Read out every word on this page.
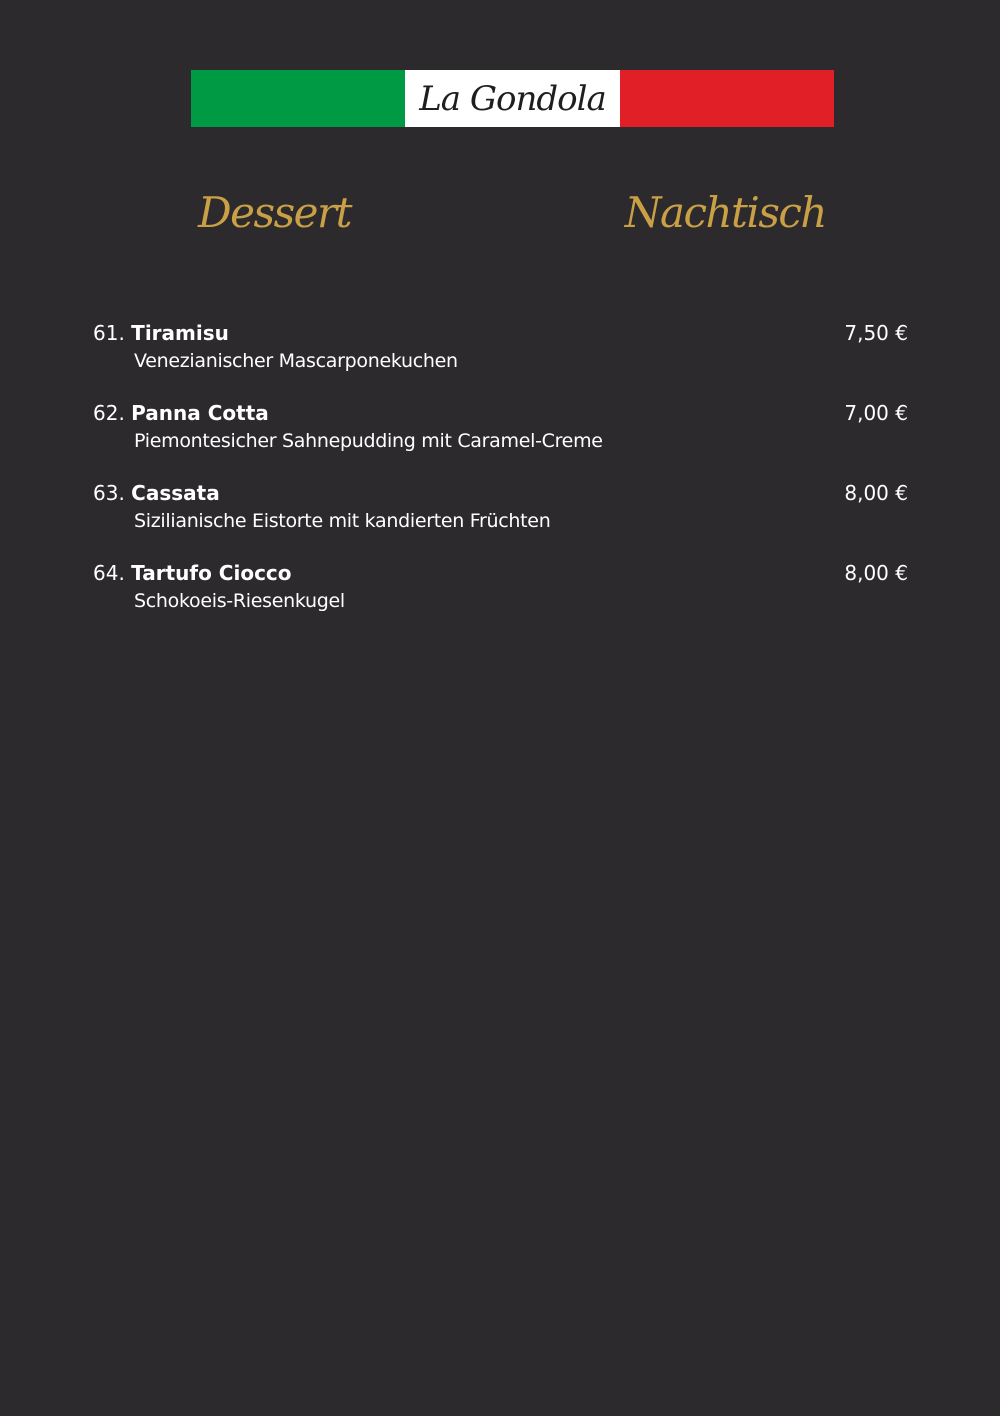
La Gondola
Dessert	Nachtisch
61. Tiramisu
Venezianischer Mascarponekuchen
7,50 €
62. Panna Cotta
Piemontesicher Sahnepudding mit Caramel-Creme
7,00 €
63. Cassata
Sizilianische Eistorte mit kandierten Früchten
8,00 €
64. Tartufo Ciocco
Schokoeis-Riesenkugel
8,00 €
